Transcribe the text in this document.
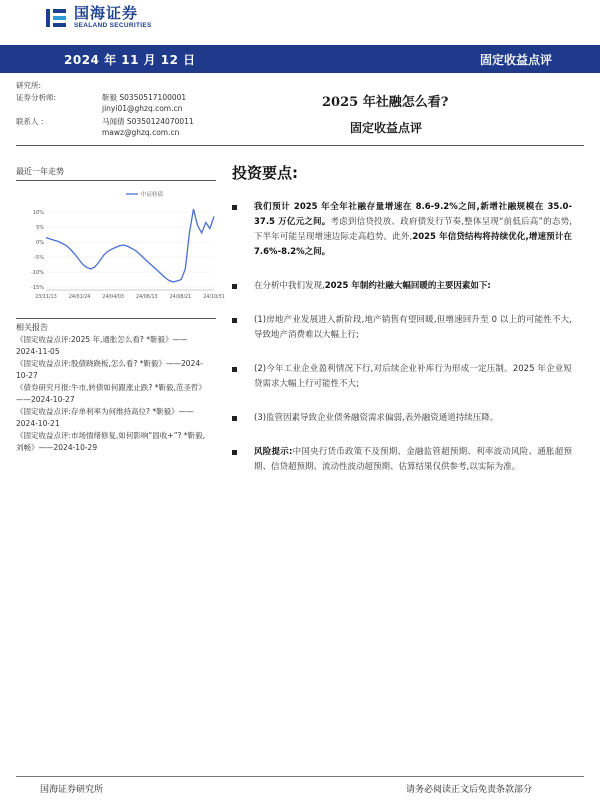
国海证券
SEALAND SECURITIES
2024 年 11 月 12 日	固定收益点评
研究所:
证券分析师:	靳毅 S0350517100001
jinyi01@ghzq.com.cn
联系人 :	马闻倩 S0350124070011
mawz@ghzq.com.cn
2025 年社融怎么看?
固定收益点评
最近一年走势
10%
5%
0%
-5%
-10%
-15%
23/11/13	24/01/24	24/04/03	24/06/13	24/08/21	24/10/31
中证转债
相关报告
《固定收益点评:2025 年,通胀怎么看? *靳毅》——2024-11-05
《固定收益点评:股债跷跷板,怎么看? *靳毅》——2024-10-27
《债券研究月报:牛市,转债如何跟涨止跌? *靳毅,范圣哲》——2024-10-27
《固定收益点评:存单利率为何维持高位? *靳毅》——2024-10-21
《固定收益点评:市场情绪修复,如何影响“固收+”? *靳毅,刘畅》——2024-10-29
投资要点:
我们预计 2025 年全年社融存量增速在 8.6-9.2%之间,新增社融规模在 35.0-37.5 万亿元之间。考虑到信贷投放、政府债发行节奏,整体呈现“前低后高”的态势,下半年可能呈现增速边际走高趋势。此外,2025 年信贷结构将持续优化,增速预计在 7.6%-8.2%之间。
在分析中我们发现,2025 年制约社融大幅回暖的主要因素如下:
(1)房地产业发展进入新阶段,地产销售有望回暖,但增速回升至 0 以上的可能性不大,导致地产消费难以大幅上行;
(2)今年工业企业盈利情况下行,对后续企业补库行为形成一定压制。2025 年企业短贷需求大幅上行可能性不大;
(3)监管因素导致企业债务融资需求偏弱,表外融资通道持续压降。
风险提示:中国央行货币政策不及预期、金融监管超预期、利率波动风险、通胀超预期、信贷超预期、流动性波动超预期、估算结果仅供参考,以实际为准。
国海证券研究所	请务必阅读正文后免责条款部分
